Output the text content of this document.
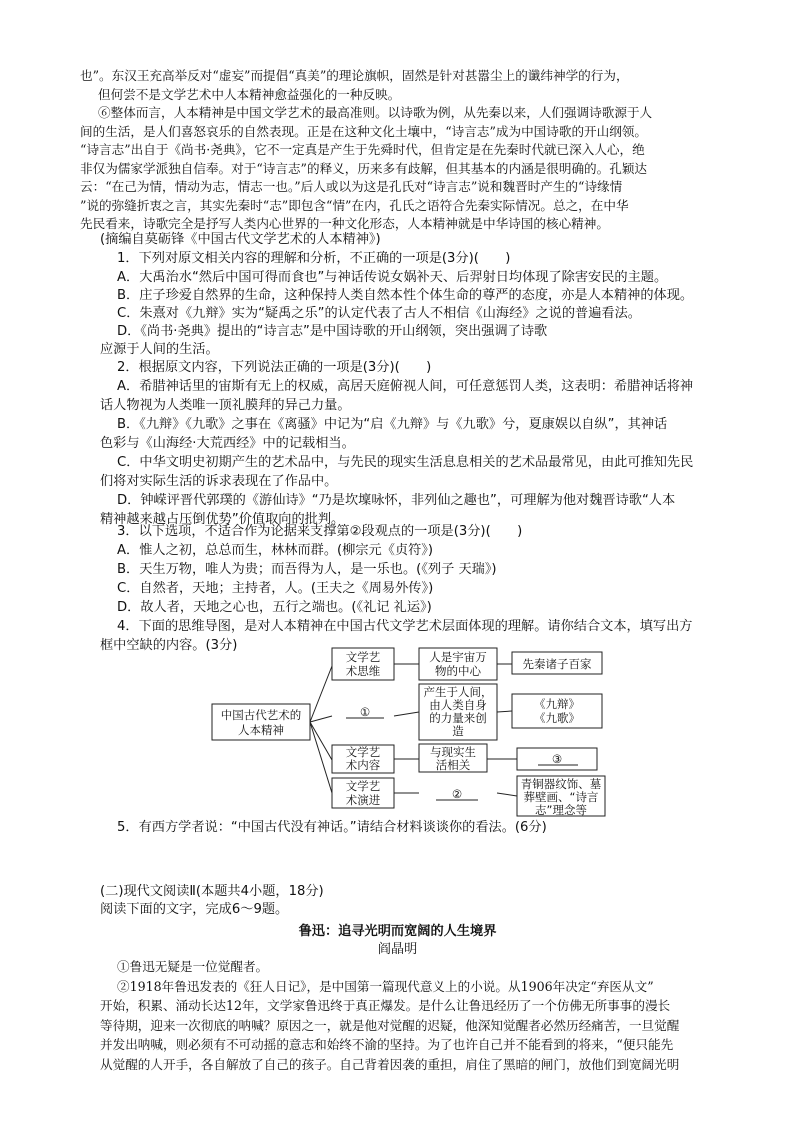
也”。东汉王充高举反对“虚妄”而提倡“真美”的理论旗帜，固然是针对甚嚣尘上的谶纬神学的行为，
但何尝不是文学艺术中人本精神愈益强化的一种反映。
⑥整体而言，人本精神是中国文学艺术的最高准则。以诗歌为例，从先秦以来，人们强调诗歌源于人
间的生活，是人们喜怒哀乐的自然表现。正是在这种文化土壤中，“诗言志”成为中国诗歌的开山纲领。
“诗言志”出自于《尚书·尧典》，它不一定真是产生于先舜时代，但肯定是在先秦时代就已深入人心，绝
非仅为儒家学派独自信奉。对于“诗言志”的释义，历来多有歧解，但其基本的内涵是很明确的。孔颖达
云：“在己为情，情动为志，情志一也。”后人或以为这是孔氏对“诗言志”说和魏晋时产生的“诗缘情
”说的弥缝折衷之言，其实先秦时“志”即包含“情”在内，孔氏之语符合先秦实际情况。总之，在中华
先民看来，诗歌完全是抒写人类内心世界的一种文化形态，人本精神就是中华诗国的核心精神。
(摘编自莫砺锋《中国古代文学艺术的人本精神》)
1．下列对原文相关内容的理解和分析，不正确的一项是(3分)(　　)
A．大禹治水“然后中国可得而食也”与神话传说女娲补天、后羿射日均体现了除害安民的主题。
B．庄子珍爱自然界的生命，这种保持人类自然本性个体生命的尊严的态度，亦是人本精神的体现。
C．朱熹对《九辩》实为“疑禹之乐”的认定代表了古人不相信《山海经》之说的普遍看法。
D．《尚书·尧典》提出的“诗言志”是中国诗歌的开山纲领，突出强调了诗歌
应源于人间的生活。
2．根据原文内容，下列说法正确的一项是(3分)(　　)
A．希腊神话里的宙斯有无上的权威，高居天庭俯视人间，可任意惩罚人类，这表明：希腊神话将神
话人物视为人类唯一顶礼膜拜的异己力量。
B．《九辩》《九歌》之事在《离骚》中记为“启《九辩》与《九歌》兮，夏康娱以自纵”，其神话
色彩与《山海经·大荒西经》中的记载相当。
C．中华文明史初期产生的艺术品中，与先民的现实生活息息相关的艺术品最常见，由此可推知先民
们将对实际生活的诉求表现在了作品中。
D．钟嵘评晋代郭璞的《游仙诗》“乃是坎壈咏怀，非列仙之趣也”，可理解为他对魏晋诗歌“人本
精神越来越占压倒优势”价值取向的批判。
3．以下选项，不适合作为论据来支撑第②段观点的一项是(3分)(　　)
A．惟人之初，总总而生，林林而群。(柳宗元《贞符》)
B．天生万物，唯人为贵；而吾得为人，是一乐也。(《列子 天瑞》)
C．自然者，天地；主持者，人。(王夫之《周易外传》)
D．故人者，天地之心也，五行之端也。(《礼记 礼运》)
4．下面的思维导图，是对人本精神在中国古代文学艺术层面体现的理解。请你结合文本，填写出方
框中空缺的内容。(3分)
中国古代艺术的
人本精神
文学艺
术思维
人是宇宙万
物的中心	先秦诸子百家
①
产生于人间，
由人类自身
的力量来创
造
《九辩》
《九歌》
文学艺
术内容
与现实生
活相关	③
文学艺
术演进	②
青铜器纹饰、墓
葬壁画、“诗言
志”理念等
5．有西方学者说：“中国古代没有神话。”请结合材料谈谈你的看法。(6分)
(二)现代文阅读Ⅱ(本题共4小题，18分)
阅读下面的文字，完成6～9题。
鲁迅：追寻光明而宽阔的人生境界
阎晶明
①鲁迅无疑是一位觉醒者。
②1918年鲁迅发表的《狂人日记》，是中国第一篇现代意义上的小说。从1906年决定“弃医从文”
开始，积累、涌动长达12年，文学家鲁迅终于真正爆发。是什么让鲁迅经历了一个仿佛无所事事的漫长
等待期，迎来一次彻底的呐喊？原因之一，就是他对觉醒的迟疑，他深知觉醒者必然历经痛苦，一旦觉醒
并发出呐喊，则必须有不可动摇的意志和始终不渝的坚持。为了也许自己并不能看到的将来，“便只能先
从觉醒的人开手，各自解放了自己的孩子。自己背着因袭的重担，肩住了黑暗的闸门，放他们到宽阔光明
